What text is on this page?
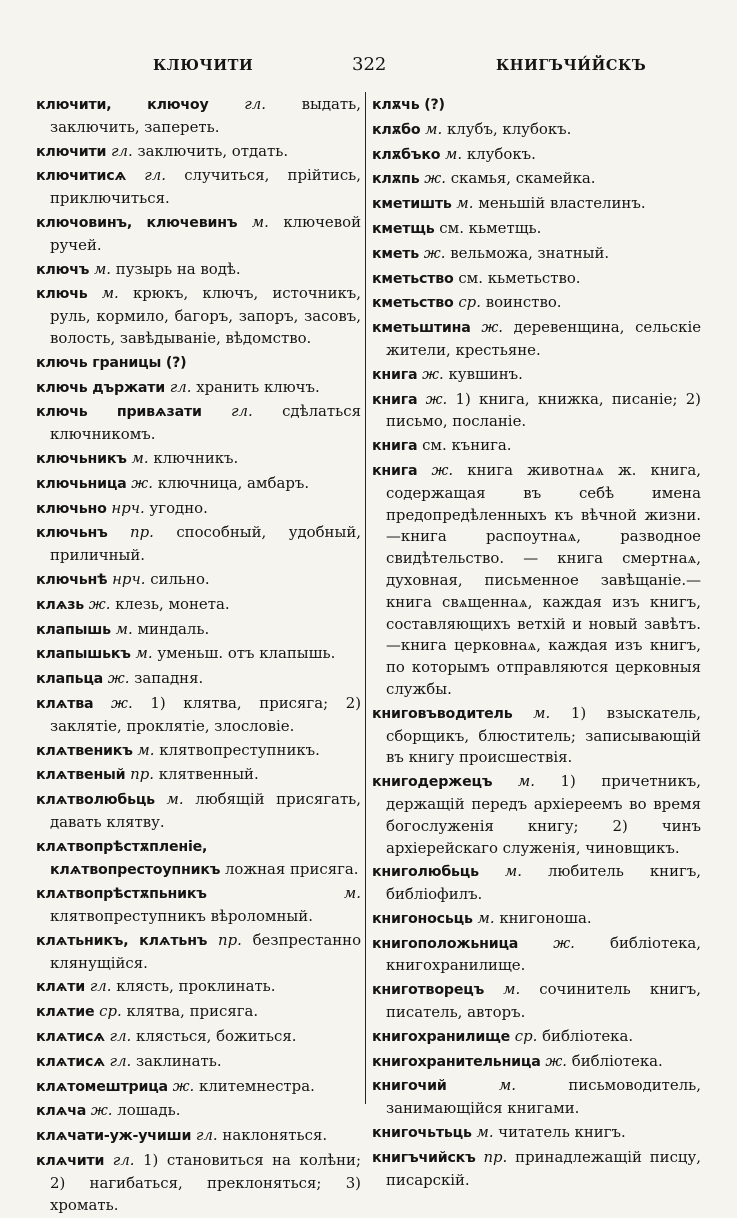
КЛЮЧИТИ	322	КНИГЪЧИ́ЙСКЪ

ключити, ключоу гл. выдать, заключить, запереть.

ключити гл. заключить, отдать.

ключитисѧ гл. случиться, прійтись, приключиться.

ключовинъ, ключевинъ м. ключевой ручей.

ключъ м. пузырь на водѣ.

ключь м. крюкъ, ключъ, источникъ, руль, кормило, багоръ, запоръ, засовъ, волость, завѣдываніе, вѣдомство.

ключь границы (?)

ключь държати гл. хранить ключъ.

ключь привѧзати гл. сдѣлаться ключникомъ.

ключьникъ м. ключникъ.

ключьница ж. ключница, амбаръ.

ключьно нрч. угодно.

ключьнъ пр. способный, удобный, приличный.

ключьнѣ нрч. сильно.

клѧзь ж. клезь, монета.

клапышь м. миндаль.

клапышькъ м. уменьш. отъ клапышь.

клапьца ж. западня.

клѧтва ж. 1) клятва, присяга; 2) заклятіе, проклятіе, злословіе.

клѧтвеникъ м. клятвопреступникъ.

клѧтвеный пр. клятвенный.

клѧтволюбьць м. любящій присягать, давать клятву.

клѧтвопрѣстѫпленіе, клѧтвопрестоупникъ ложная присяга.

клѧтвопрѣстѫпьникъ	м. клятвопреступникъ вѣроломный.

клѧтьникъ, клѧтьнъ пр. безпрестанно клянущійся.

клѧти гл. клясть, проклинать.

клѧтие ср. клятва, присяга.

клѧтисѧ гл. клясться, божиться.

клѧтисѧ гл. заклинать.

клѧтомештрица ж. клитемнестра.

клѧча ж. лошадь.

клѧчати-уж-учиши гл. наклоняться.

клѧчити гл. 1) становиться на колѣни; 2) нагибаться, преклоняться; 3) хромать.

клѫчь (?)

клѫбо м. клубъ, клубокъ.

клѫбъко м. клубокъ.

клѫпь ж. скамья, скамейка.

кметишть м. меньшій властелинъ.

кметщь см. кьметщь.

кметь ж. вельможа, знатный.

кметьство см. кьметьство.

кметьство ср. воинство.

кметьштина ж. деревенщина, сельскіе жители, крестьяне.

книга ж. кувшинъ.

книга ж. 1) книга, книжка, писаніе; 2) письмо, посланіе.

книга см. кънига.

книга ж. книга животнаѧ ж. книга, содержащая въ себѣ имена предопредѣленныхъ къ вѣчной жизни.—книга распоутнаѧ, разводное свидѣтельство. — книга смертнаѧ, духовная, письменное завѣщаніе.—книга свѧщеннаѧ, каждая изъ книгъ, составляющихъ ветхій и новый завѣтъ.—книга церковнаѧ, каждая изъ книгъ, по которымъ отправляются церковныя службы.

книговъводитель м. 1) взыскатель, сборщикъ, блюститель; записывающій въ книгу происшествія.

книгодержецъ м. 1) причетникъ, держащій передъ архіереемъ во время богослуженія книгу; 2) чинъ архіерейскаго служенія, чиновщикъ.

книголюбьць м. любитель книгъ, библіофилъ.

книгоносьць м. книгоноша.

книгоположьница ж. библіотека, книгохранилище.

книготворецъ м. сочинитель книгъ, писатель, авторъ.

книгохранилище ср. библіотека.

книгохранительница ж. библіотека.

книгочий	м.	письмоводитель, занимающійся книгами.

книгочьтьць м. читатель книгъ.

книгъчийскъ пр. принадлежащій писцу, писарскій.
